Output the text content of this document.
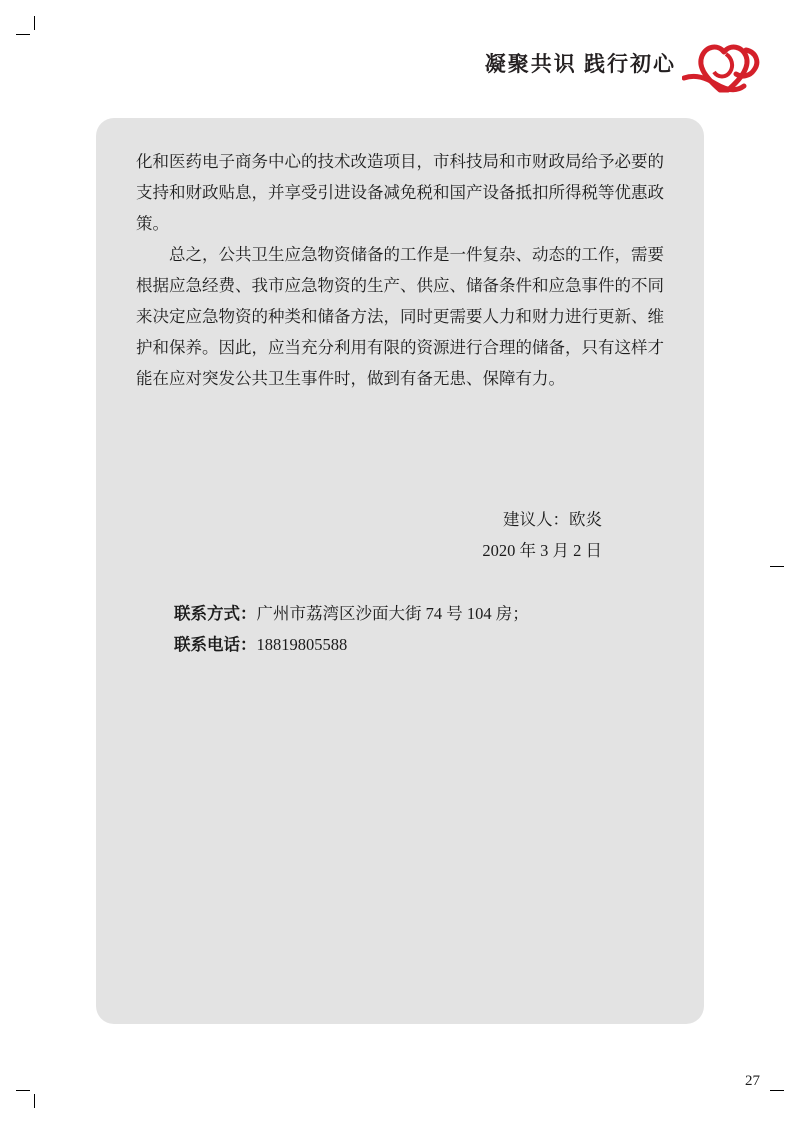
凝聚共识 践行初心

化和医药电子商务中心的技术改造项目，市科技局和市财政局给予必要的支持和财政贴息，并享受引进设备减免税和国产设备抵扣所得税等优惠政策。

总之，公共卫生应急物资储备的工作是一件复杂、动态的工作，需要根据应急经费、我市应急物资的生产、供应、储备条件和应急事件的不同来决定应急物资的种类和储备方法，同时更需要人力和财力进行更新、维护和保养。因此，应当充分利用有限的资源进行合理的储备，只有这样才能在应对突发公共卫生事件时，做到有备无患、保障有力。

建议人：欧炎
2020 年 3 月 2 日
联系方式：广州市荔湾区沙面大街 74 号 104 房；
联系电话：18819805588
27
